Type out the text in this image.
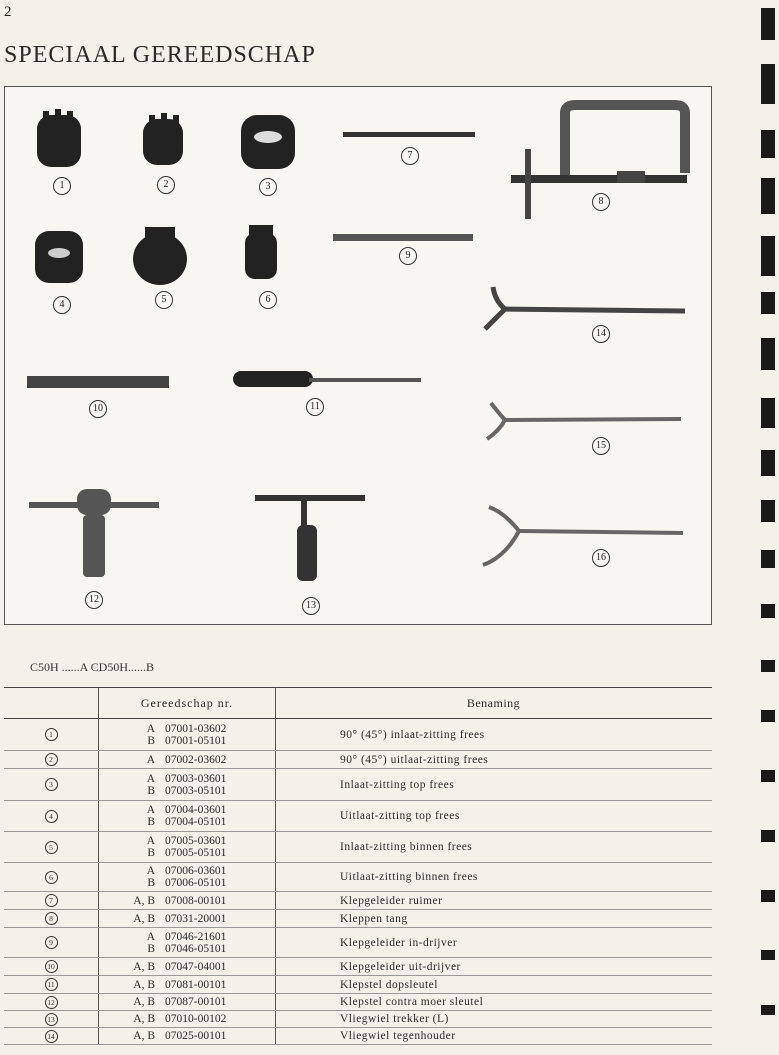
2
SPECIAAL GEREEDSCHAP
1	2	3
7
8
4	5	6
9
14
10	11
15
16
12
13
C50H ......A CD50H......B
	Gereedschap nr.	Benaming
1	A 07001-03602
B 07001-05101	90° (45°) inlaat-zitting frees
2	A 07002-03602	90° (45°) uitlaat-zitting frees
3	A 07003-03601
B 07003-05101	Inlaat-zitting top frees
4	A 07004-03601
B 07004-05101	Uitlaat-zitting top frees
5	A 07005-03601
B 07005-05101	Inlaat-zitting binnen frees
6	A 07006-03601
B 07006-05101	Uitlaat-zitting binnen frees
7	A, B 07008-00101	Klepgeleider ruimer
8	A, B 07031-20001	Kleppen tang
9	A 07046-21601
B 07046-05101	Klepgeleider in-drijver
10	A, B 07047-04001	Klepgeleider uit-drijver
11	A, B 07081-00101	Klepstel dopsleutel
12	A, B 07087-00101	Klepstel contra moer sleutel
13	A, B 07010-00102	Vliegwiel trekker (L)
14	A, B 07025-00101	Vliegwiel tegenhouder
